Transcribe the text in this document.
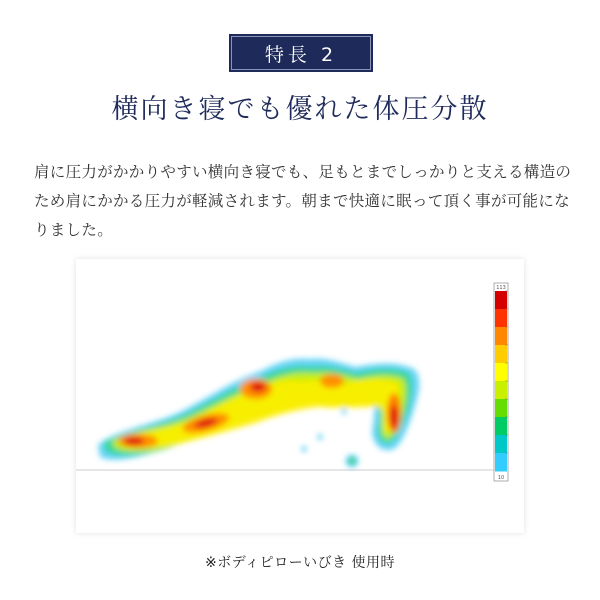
特長 2
横向き寝でも優れた体圧分散
肩に圧力がかかりやすい横向き寝でも、足もとまでしっかりと支える構造のため肩にかかる圧力が軽減されます。朝まで快適に眠って頂く事が可能になりました。
113
10
※ボディピローいびき 使用時
